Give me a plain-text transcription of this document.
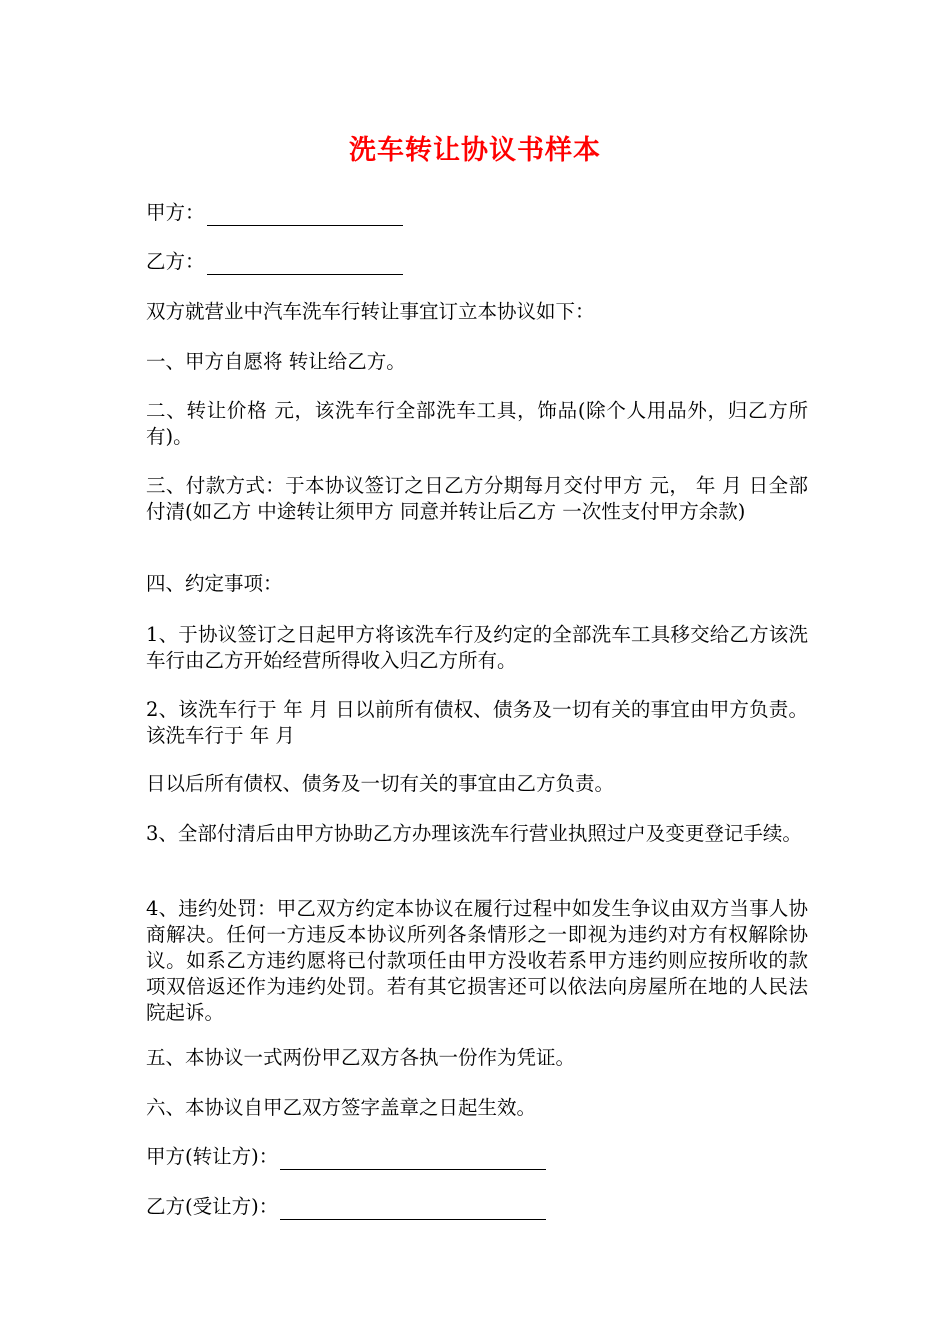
洗车转让协议书样本
甲方：
乙方：
双方就营业中汽车洗车行转让事宜订立本协议如下：
一、甲方自愿将 转让给乙方。
二、转让价格 元，该洗车行全部洗车工具，饰品(除个人用品外，归乙方所有)。
三、付款方式：于本协议签订之日乙方分期每月交付甲方 元， 年 月 日全部付清(如乙方 中途转让须甲方 同意并转让后乙方 一次性支付甲方余款)
四、约定事项：
1、于协议签订之日起甲方将该洗车行及约定的全部洗车工具移交给乙方该洗车行由乙方开始经营所得收入归乙方所有。
2、该洗车行于 年 月 日以前所有债权、债务及一切有关的事宜由甲方负责。该洗车行于 年 月
日以后所有债权、债务及一切有关的事宜由乙方负责。
3、全部付清后由甲方协助乙方办理该洗车行营业执照过户及变更登记手续。
4、违约处罚：甲乙双方约定本协议在履行过程中如发生争议由双方当事人协商解决。任何一方违反本协议所列各条情形之一即视为违约对方有权解除协议。如系乙方违约愿将已付款项任由甲方没收若系甲方违约则应按所收的款项双倍返还作为违约处罚。若有其它损害还可以依法向房屋所在地的人民法院起诉。
五、本协议一式两份甲乙双方各执一份作为凭证。
六、本协议自甲乙双方签字盖章之日起生效。
甲方(转让方)：
乙方(受让方)：
